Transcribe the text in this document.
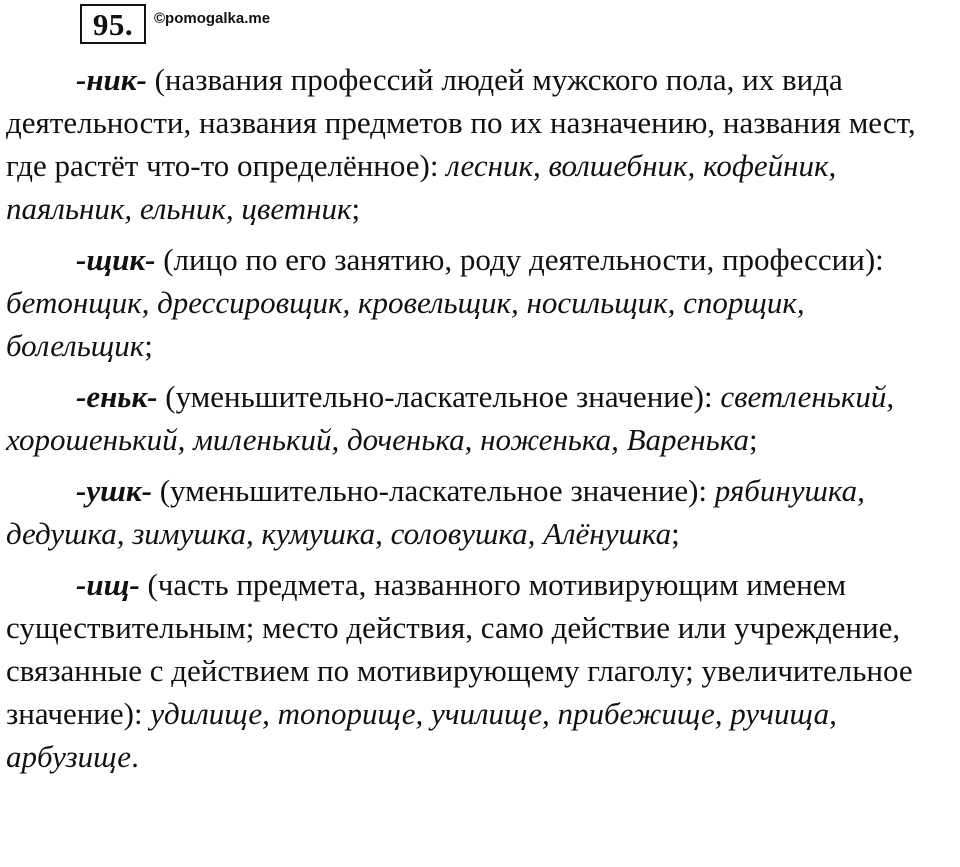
95. ©pomogalka.me

-ник- (названия профессий людей мужского пола, их вида деятельности, названия предметов по их назначению, названия мест, где растёт что-то определённое): лесник, волшебник, кофейник, паяльник, ельник, цветник;

-щик- (лицо по его занятию, роду деятельности, профессии): бетонщик, дрессировщик, кровельщик, носильщик, спорщик, болельщик;

-еньк- (уменьшительно-ласкательное значение): светленький, хорошенький, миленький, доченька, ноженька, Варенька;

-ушк- (уменьшительно-ласкательное значение): рябинушка, дедушка, зимушка, кумушка, соловушка, Алёнушка;

-ищ- (часть предмета, названного мотивирующим именем существительным; место действия, само действие или учреждение, связанные с действием по мотивирующему глаголу; увеличительное значение): удилище, топорище, училище, прибежище, ручища, арбузище.
